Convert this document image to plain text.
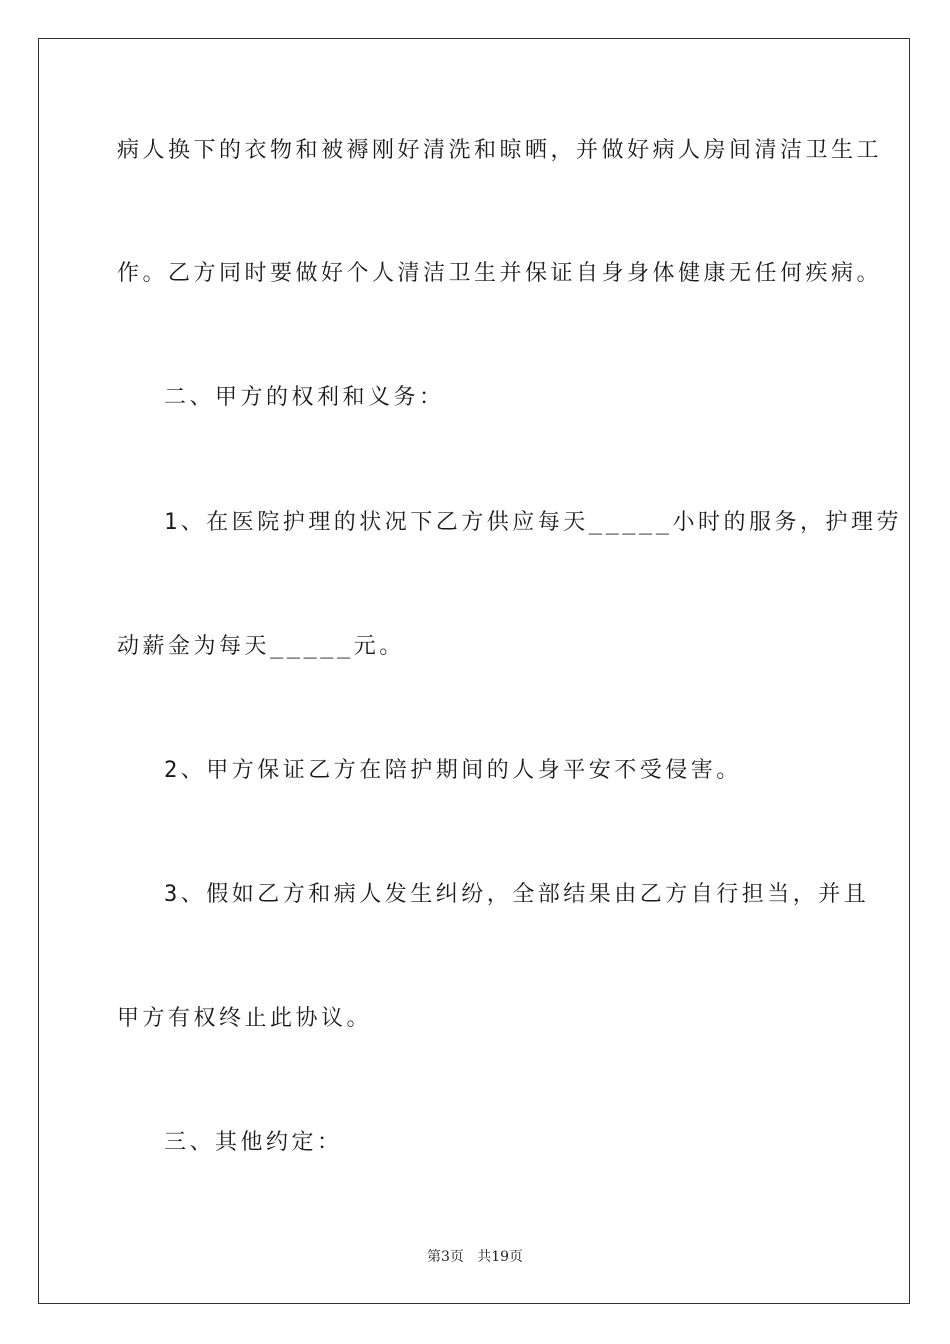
病人换下的衣物和被褥刚好清洗和晾晒，并做好病人房间清洁卫生工

作。乙方同时要做好个人清洁卫生并保证自身身体健康无任何疾病。

二、甲方的权利和义务：

1、在医院护理的状况下乙方供应每天_____小时的服务，护理劳

动薪金为每天_____元。

2、甲方保证乙方在陪护期间的人身平安不受侵害。

3、假如乙方和病人发生纠纷，全部结果由乙方自行担当，并且

甲方有权终止此协议。

三、其他约定：

第3页   共19页
